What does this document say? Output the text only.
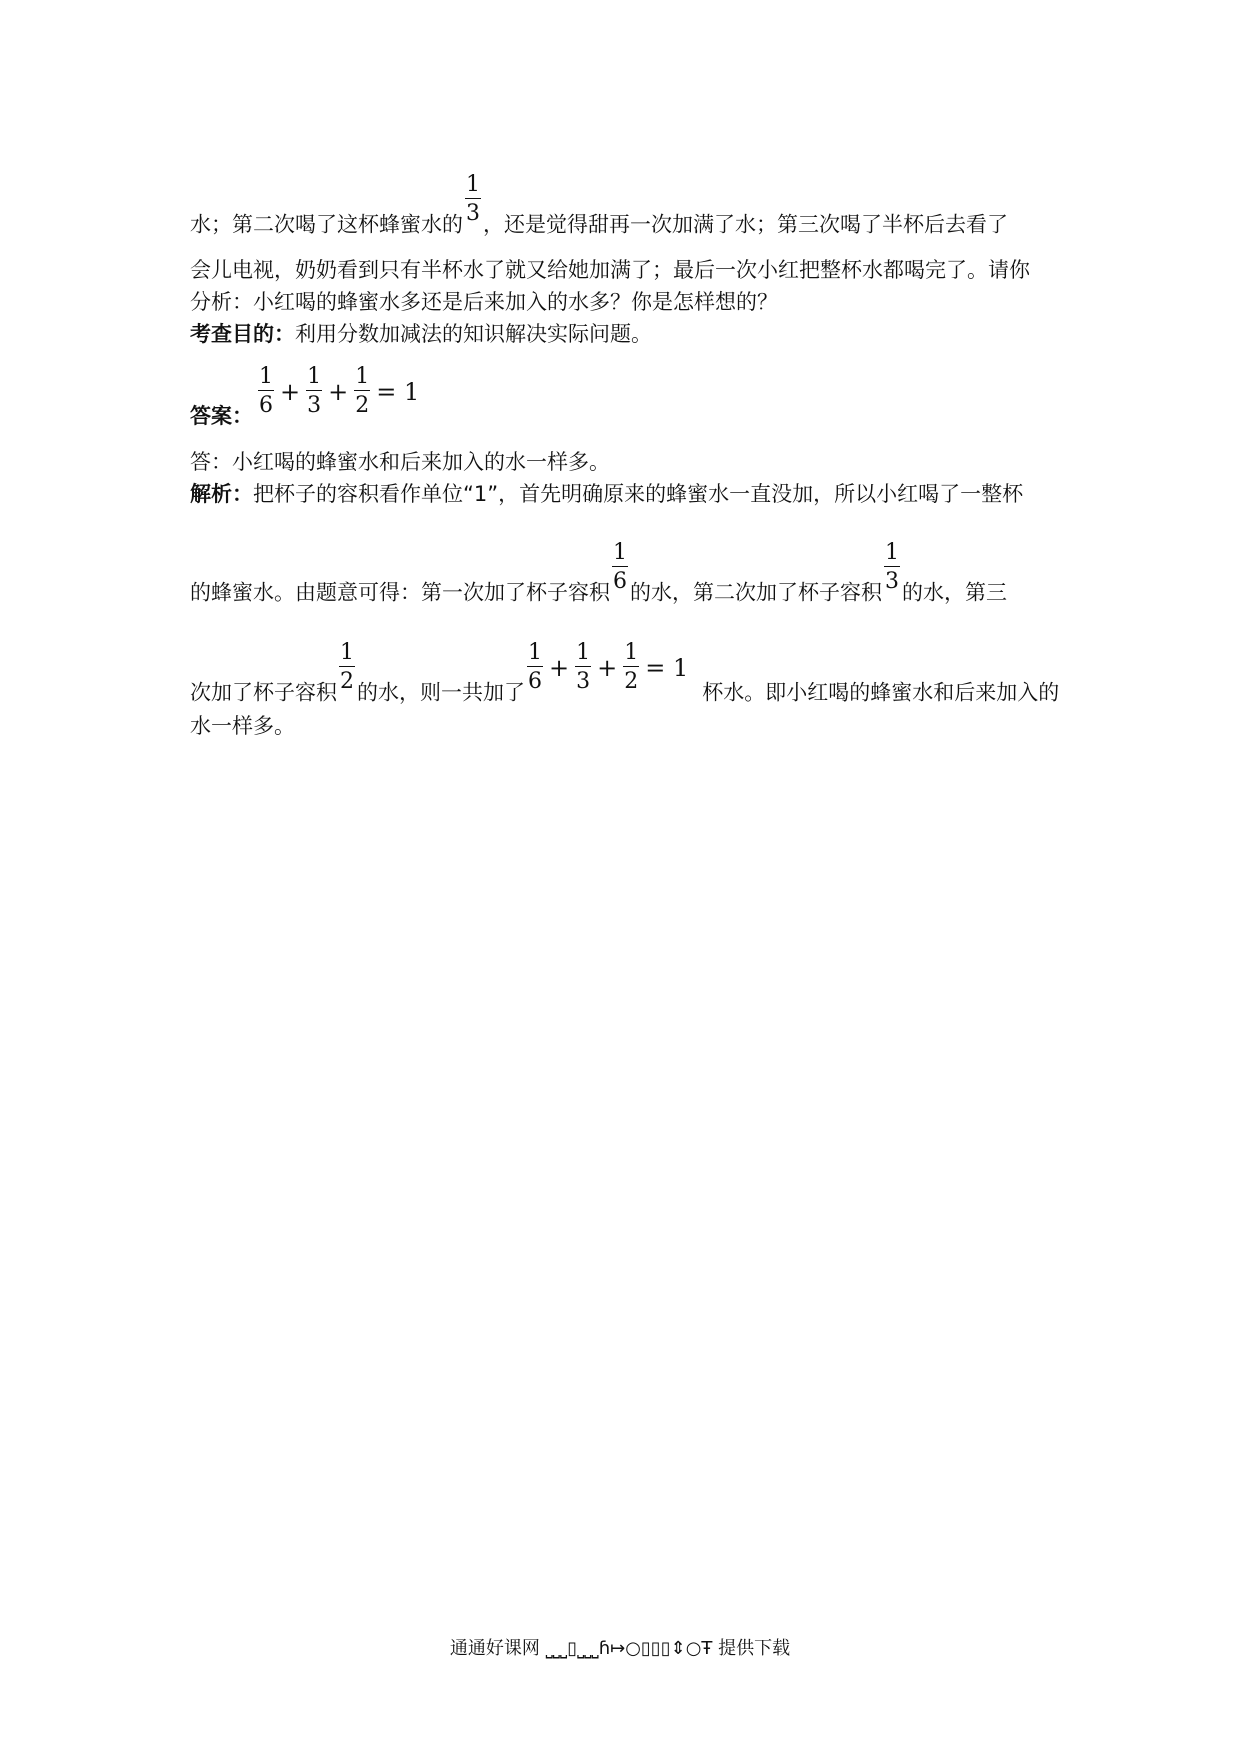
水；第二次喝了这杯蜂蜜水的 $\frac{1}{3}$ ，还是觉得甜再一次加满了水；第三次喝了半杯后去看了
会儿电视，奶奶看到只有半杯水了就又给她加满了；最后一次小红把整杯水都喝完了。请你
分析：小红喝的蜂蜜水多还是后来加入的水多？你是怎样想的？
考查目的：利用分数加减法的知识解决实际问题。
答案： $\frac{1}{6} + \frac{1}{3} + \frac{1}{2} = 1$
答：小红喝的蜂蜜水和后来加入的水一样多。
解析：把杯子的容积看作单位“1”，首先明确原来的蜂蜜水一直没加，所以小红喝了一整杯
的蜂蜜水。由题意可得：第一次加了杯子容积 $\frac{1}{6}$ 的水，第二次加了杯子容积 $\frac{1}{3}$ 的水，第三
次加了杯子容积 $\frac{1}{2}$ 的水，则一共加了 $\frac{1}{6} + \frac{1}{3} + \frac{1}{2} = 1$杯水。即小红喝的蜂蜜水和后来加入的
水一样多。
通通好课网 ⎵⎵⎵▯⎵⎵⎵ɦ↦○▯▯▯⇕○Ŧ 提供下载
